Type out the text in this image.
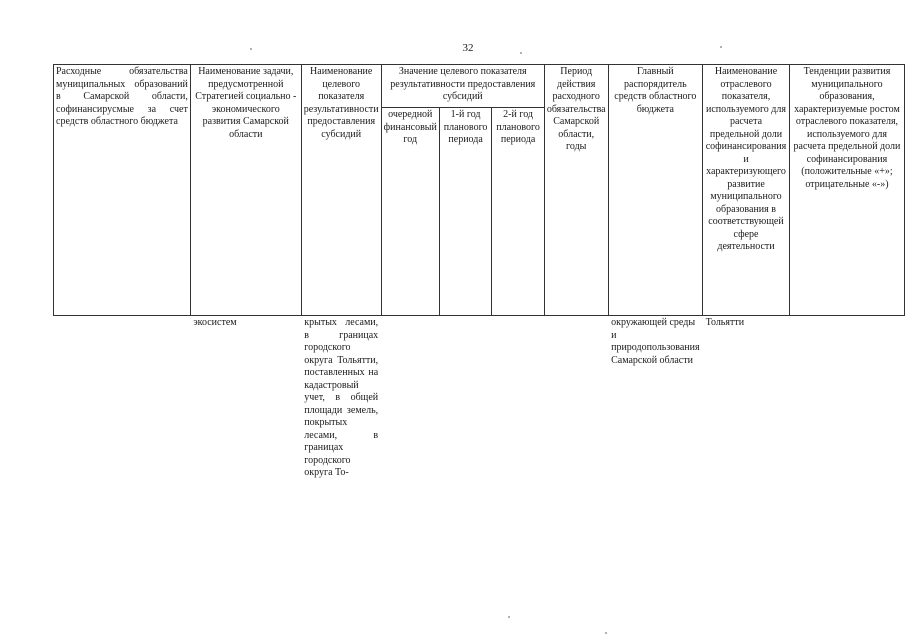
32
Расходные обязательства муниципальных образований в Самарской области, софинансирусмые за счет средств областного бюджета	Наименование задачи, предусмотренной Стратегией социально - экономического развития Самарской области	Наименование целевого показателя результативности предоставления субсидий	Значение целевого показателя результативности предоставления субсидий			Период действия расходного обязательства Самарской области, годы	Главный распорядитель средств областного бюджета	Наименование отраслевого показателя, используемого для расчета предельной доли софинансирования и характеризующего развитие муниципального образования в соответствующей сфере деятельности	Тенденции развития муниципального образования, характеризуемые ростом отраслевого показателя, используемого для расчета предельной доли софинансирования (положительные «+»; отрицательные «-»)
			очередной финансовый год	1-й год планового периода	2-й год планового периода				
	экосистем	крытых лесами, в границах городского округа Тольятти, поставленных на кадастровый учет, в общей площади земель, покрытых лесами, в границах городского округа То-					окружающей среды и природопользования Самарской области	Тольятти	
